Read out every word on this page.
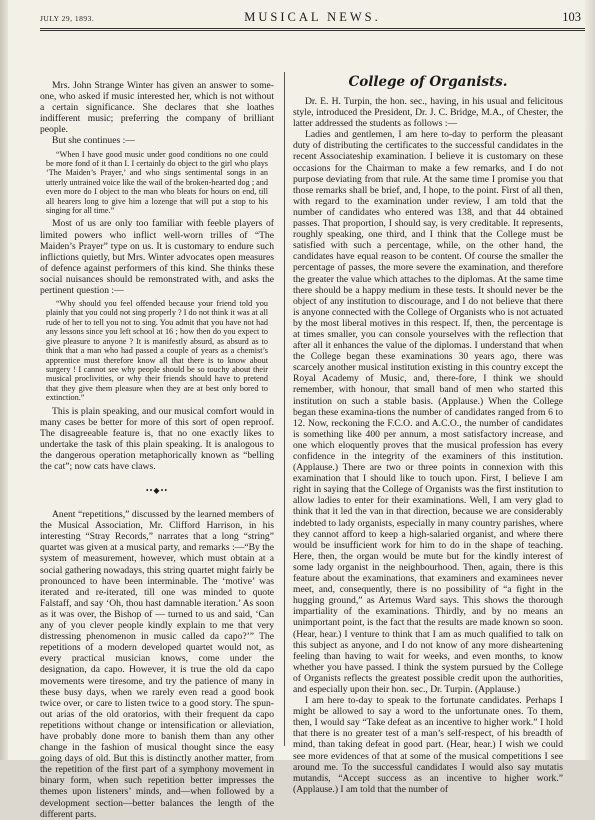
JULY 29, 1893.	MUSICAL NEWS.	103

Mrs. John Strange Winter has given an answer to some-one, who asked if music interested her, which is not without a certain significance. She declares that she loathes indifferent music; preferring the company of brilliant people.

But she continues :—

“When I have good music under good conditions no one could be more fond of it than I. I certainly do object to the girl who plays ‘The Maiden’s Prayer,’ and who sings sentimental songs in an utterly untrained voice like the wail of the broken-hearted dog ; and even more do I object to the man who bleats for hours on end, till all hearers long to give him a lozenge that will put a stop to his singing for all time.”

Most of us are only too familiar with feeble players of limited powers who inflict well-worn trilles of “The Maiden’s Prayer” type on us. It is customary to endure such inflictions quietly, but Mrs. Winter advocates open measures of defence against performers of this kind. She thinks these social nuisances should be remonstrated with, and asks the pertinent question :—

“Why should you feel offended because your friend told you plainly that you could not sing properly ? I do not think it was at all rude of her to tell you not to sing. You admit that you have not had any lessons since you left school at 16 ; how then do you expect to give pleasure to anyone ? It is manifestly absurd, as absurd as to think that a man who had passed a couple of years as a chemist’s apprentice must therefore know all that there is to know about surgery ! I cannot see why people should be so touchy about their musical proclivities, or why their friends should have to pretend that they give them pleasure when they are at best only bored to extinction.”

This is plain speaking, and our musical comfort would in many cases be better for more of this sort of open reproof. The disagreeable feature is, that no one exactly likes to undertake the task of this plain speaking. It is analogous to the dangerous operation metaphorically known as “belling the cat”; now cats have claws.

••◆••

Anent “repetitions,” discussed by the learned members of the Musical Association, Mr. Clifford Harrison, in his interesting “Stray Records,” narrates that a long “string” quartet was given at a musical party, and remarks :—“By the system of measurement, however, which must obtain at a social gathering nowadays, this string quartet might fairly be pronounced to have been interminable. The ‘motive’ was iterated and re-iterated, till one was minded to quote Falstaff, and say ‘Oh, thou hast damnable iteration.’ As soon as it was over, the Bishop of — turned to us and said, ‘Can any of you clever people kindly explain to me that very distressing phenomenon in music called da capo?’” The repetitions of a modern developed quartet would not, as every practical musician knows, come under the designation, da capo. However, it is true the old da capo movements were tiresome, and try the patience of many in these busy days, when we rarely even read a good book twice over, or care to listen twice to a good story. The spun-out arias of the old oratorios, with their frequent da capo repetitions without change or intensification or alleviation, have probably done more to banish them than any other change in the fashion of musical thought since the easy going days of old. But this is distinctly another matter, from the repetition of the first part of a symphony movement in binary form, when such repetition better impresses the themes upon listeners’ minds, and—when followed by a development section—better balances the length of the different parts.

College of Organists.

Dr. E. H. Turpin, the hon. sec., having, in his usual and felicitous style, introduced the President, Dr. J. C. Bridge, M.A., of Chester, the latter addressed the students as follows :—

Ladies and gentlemen, I am here to-day to perform the pleasant duty of distributing the certificates to the successful candidates in the recent Associateship examination. I believe it is customary on these occasions for the Chairman to make a few remarks, and I do not purpose deviating from that rule. At the same time I promise you that those remarks shall be brief, and, I hope, to the point. First of all then, with regard to the examination under review, I am told that the number of candidates who entered was 138, and that 44 obtained passes. That proportion, I should say, is very creditable. It represents, roughly speaking, one third, and I think that the College must be satisfied with such a percentage, while, on the other hand, the candidates have equal reason to be content. Of course the smaller the percentage of passes, the more severe the examination, and therefore the greater the value which attaches to the diplomas. At the same time there should be a happy medium in these tests. It should never be the object of any institution to discourage, and I do not believe that there is anyone connected with the College of Organists who is not actuated by the most liberal motives in this respect. If, then, the percentage is at times smaller, you can console yourselves with the reflection that after all it enhances the value of the diplomas. I understand that when the College began these examinations 30 years ago, there was scarcely another musical institution existing in this country except the Royal Academy of Music, and, there-fore, I think we should remember, with honour, that small band of men who started this institution on such a stable basis. (Applause.) When the College began these examina-tions the number of candidates ranged from 6 to 12. Now, reckoning the F.C.O. and A.C.O., the number of candidates is something like 400 per annum, a most satisfactory increase, and one which eloquently proves that the musical profession has every confidence in the integrity of the examiners of this institution. (Applause.) There are two or three points in connexion with this examination that I should like to touch upon. First, I believe I am right in saying that the College of Organists was the first institution to allow ladies to enter for their examinations. Well, I am very glad to think that it led the van in that direction, because we are considerably indebted to lady organists, especially in many country parishes, where they cannot afford to keep a high-salaried organist, and where there would be insufficient work for him to do in the shape of teaching. Here, then, the organ would be mute but for the kindly interest of some lady organist in the neighbourhood. Then, again, there is this feature about the examinations, that examiners and examinees never meet, and, consequently, there is no possibility of “a fight in the hugging ground,” as Artemus Ward says. This shows the thorough impartiality of the examinations. Thirdly, and by no means an unimportant point, is the fact that the results are made known so soon. (Hear, hear.) I venture to think that I am as much qualified to talk on this subject as anyone, and I do not know of any more disheartening feeling than having to wait for weeks, and even months, to know whether you have passed. I think the system pursued by the College of Organists reflects the greatest possible credit upon the authorities, and especially upon their hon. sec., Dr. Turpin. (Applause.)

I am here to-day to speak to the fortunate candidates. Perhaps I might be allowed to say a word to the unfortunate ones. To them, then, I would say “Take defeat as an incentive to higher work.” I hold that there is no greater test of a man’s self-respect, of his breadth of mind, than taking defeat in good part. (Hear, hear.) I wish we could see more evidences of that at some of the musical competitions I see around me. To the successful candidates I would also say mutatis mutandis, “Accept success as an incentive to higher work.” (Applause.) I am told that the number of
